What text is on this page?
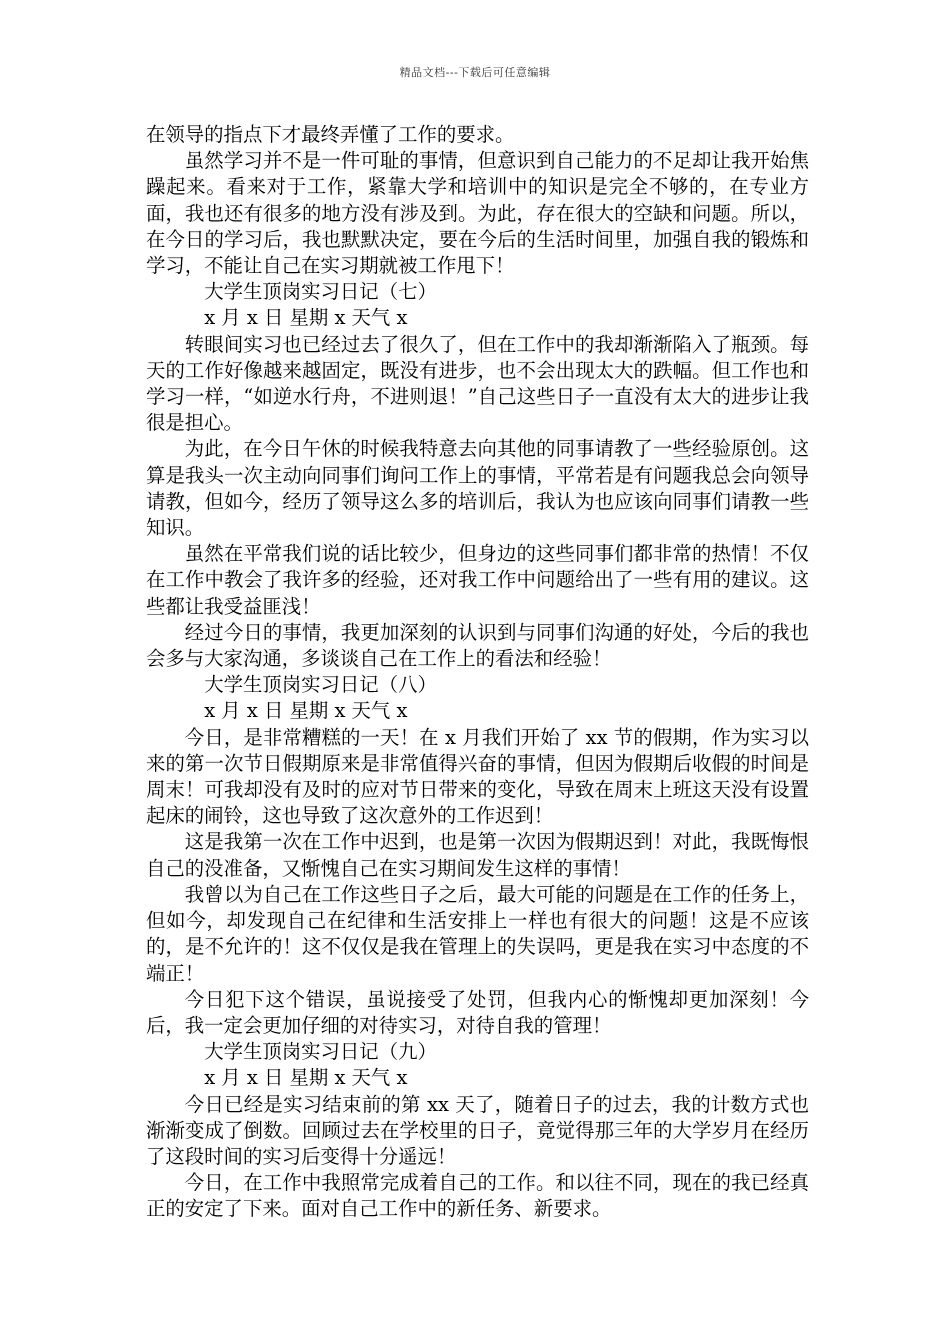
精品文档---下载后可任意编辑

在领导的指点下才最终弄懂了工作的要求。

虽然学习并不是一件可耻的事情，但意识到自己能力的不足却让我开始焦躁起来。看来对于工作，紧靠大学和培训中的知识是完全不够的，在专业方面，我也还有很多的地方没有涉及到。为此，存在很大的空缺和问题。所以，在今日的学习后，我也默默决定，要在今后的生活时间里，加强自我的锻炼和学习，不能让自己在实习期就被工作甩下！

大学生顶岗实习日记（七）

x 月 x 日 星期 x 天气 x

转眼间实习也已经过去了很久了，但在工作中的我却渐渐陷入了瓶颈。每天的工作好像越来越固定，既没有进步，也不会出现太大的跌幅。但工作也和学习一样，“如逆水行舟，不进则退！”自己这些日子一直没有太大的进步让我很是担心。

为此，在今日午休的时候我特意去向其他的同事请教了一些经验原创。这算是我头一次主动向同事们询问工作上的事情，平常若是有问题我总会向领导请教，但如今，经历了领导这么多的培训后，我认为也应该向同事们请教一些知识。

虽然在平常我们说的话比较少，但身边的这些同事们都非常的热情！不仅在工作中教会了我许多的经验，还对我工作中问题给出了一些有用的建议。这些都让我受益匪浅！

经过今日的事情，我更加深刻的认识到与同事们沟通的好处，今后的我也会多与大家沟通，多谈谈自己在工作上的看法和经验！

大学生顶岗实习日记（八）

x 月 x 日 星期 x 天气 x

今日，是非常糟糕的一天！在 x 月我们开始了 xx 节的假期，作为实习以来的第一次节日假期原来是非常值得兴奋的事情，但因为假期后收假的时间是周末！可我却没有及时的应对节日带来的变化，导致在周末上班这天没有设置起床的闹铃，这也导致了这次意外的工作迟到！

这是我第一次在工作中迟到，也是第一次因为假期迟到！对此，我既悔恨自己的没准备，又惭愧自己在实习期间发生这样的事情！

我曾以为自己在工作这些日子之后，最大可能的问题是在工作的任务上，但如今，却发现自己在纪律和生活安排上一样也有很大的问题！这是不应该的，是不允许的！这不仅仅是我在管理上的失误吗，更是我在实习中态度的不端正！

今日犯下这个错误，虽说接受了处罚，但我内心的惭愧却更加深刻！今后，我一定会更加仔细的对待实习，对待自我的管理！

大学生顶岗实习日记（九）

x 月 x 日 星期 x 天气 x

今日已经是实习结束前的第 xx 天了，随着日子的过去，我的计数方式也渐渐变成了倒数。回顾过去在学校里的日子，竟觉得那三年的大学岁月在经历了这段时间的实习后变得十分遥远！

今日，在工作中我照常完成着自己的工作。和以往不同，现在的我已经真正的安定了下来。面对自己工作中的新任务、新要求。
